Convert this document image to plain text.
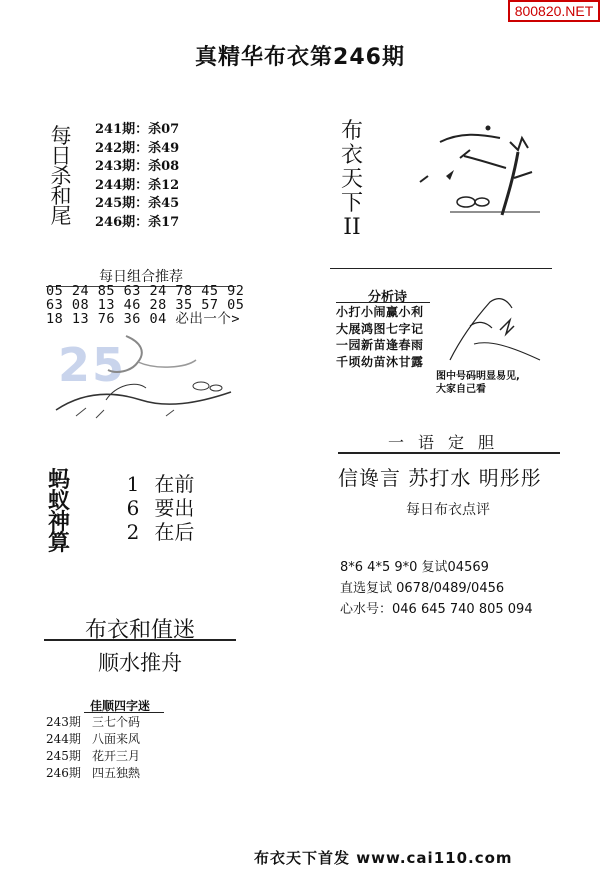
800820.NET
真精华布衣第246期
每
日
杀
和
尾
241期：杀07
242期：杀49
243期：杀08
244期：杀12
245期：杀45
246期：杀17
每日组合推荐
05 24 85 63 24 78 45 92
63 08 13 46 28 35 57 05
18 13 76 36 04 必出一个>
25
蚂
蚁
神
算
1 在前
6 要出
2 在后
布衣和值迷
顺水推舟
佳顺四字迷
243期 三七个码
244期 八面来风
245期 花开三月
246期 四五独熱
布
衣
天
下
II
分析诗
小打小闹赢小利
大展鸿图七字记
一园新苗逢春雨
千顷幼苗沐甘露
图中号码明显易见,
大家自己看
一语定胆
信谗言 苏打水 明彤彤
每日布衣点评
8*6 4*5 9*0 复试04569
直选复试 0678/0489/0456
心水号：046 645 740 805 094
布衣天下首发 www.cai110.com
